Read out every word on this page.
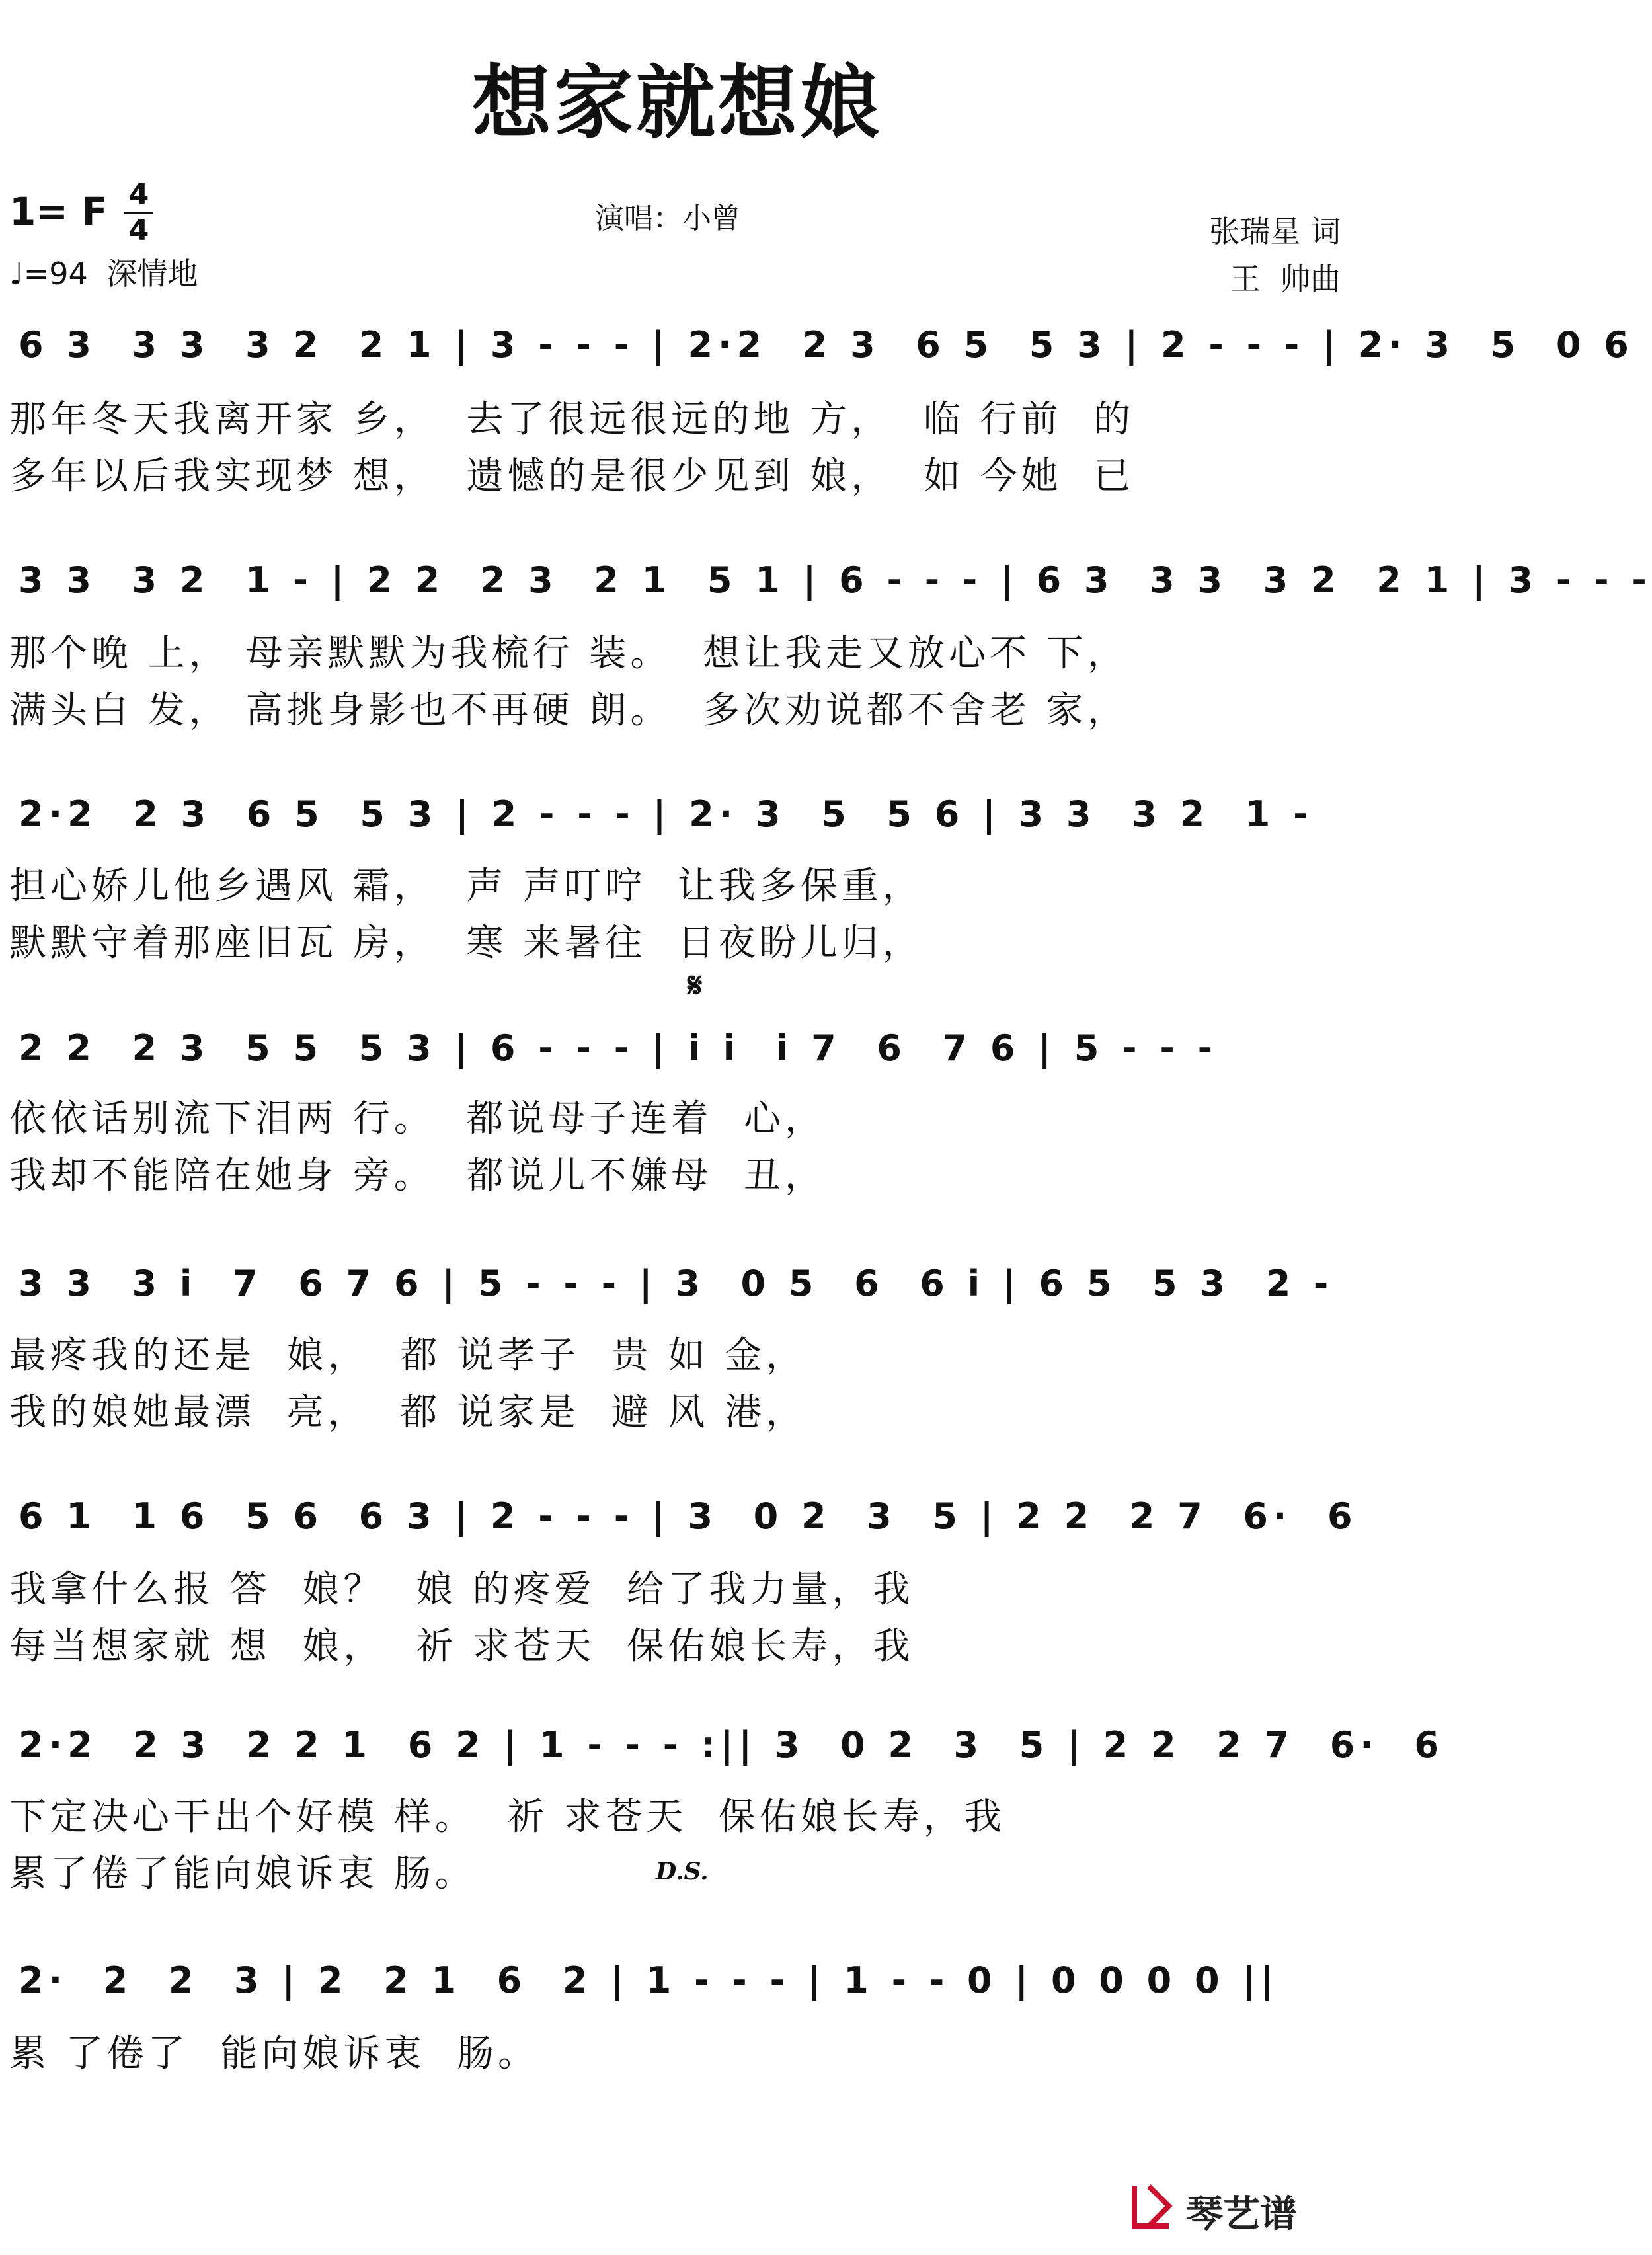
想家就想娘
1= F 4
4
♩=94 深情地
演唱：小曾	张瑞星 词
王  帅曲
6 3  3 3  3 2  2 1 | 3 - - - | 2·2  2 3  6 5  5 3 | 2 - - - | 2· 3  5  0 6
那年冬天我离开家 乡，  去了很远很远的地 方，  临 行前  的
多年以后我实现梦 想，  遗憾的是很少见到 娘，  如 今她  已
3 3  3 2  1 - | 2 2  2 3  2 1  5 1 | 6 - - - | 6 3  3 3  3 2  2 1 | 3 - - -
那个晚 上， 母亲默默为我梳行 装。  想让我走又放心不 下，
满头白 发， 高挑身影也不再硬 朗。  多次劝说都不舍老 家，
2·2  2 3  6 5  5 3 | 2 - - - | 2· 3  5  5 6 | 3 3  3 2  1 -
担心娇儿他乡遇风 霜，  声 声叮咛  让我多保重，
默默守着那座旧瓦 房，  寒 来暑往  日夜盼儿归，
𝄋
2 2  2 3  5 5  5 3 | 6 - - - | i i  i 7  6  7 6 | 5 - - -
依依话别流下泪两 行。  都说母子连着  心，
我却不能陪在她身 旁。  都说儿不嫌母  丑，
3 3  3 i  7  6 7 6 | 5 - - - | 3  0 5  6  6 i | 6 5  5 3  2 -
最疼我的还是  娘，  都 说孝子  贵 如 金，
我的娘她最漂  亮，  都 说家是  避 风 港，
6 1  1 6  5 6  6 3 | 2 - - - | 3  0 2  3  5 | 2 2  2 7  6·  6
我拿什么报 答  娘？  娘 的疼爱  给了我力量，我
每当想家就 想  娘，  祈 求苍天  保佑娘长寿，我
2·2  2 3  2 2 1  6 2 | 1 - - - :|| 3  0 2  3  5 | 2 2  2 7  6·  6
下定决心干出个好模 样。  祈 求苍天  保佑娘长寿，我
累了倦了能向娘诉衷 肠。	D.S.
2·  2  2  3 | 2  2 1  6  2 | 1 - - - | 1 - - 0 | 0 0 0 0 ||
累 了倦了  能向娘诉衷  肠。
琴艺谱
